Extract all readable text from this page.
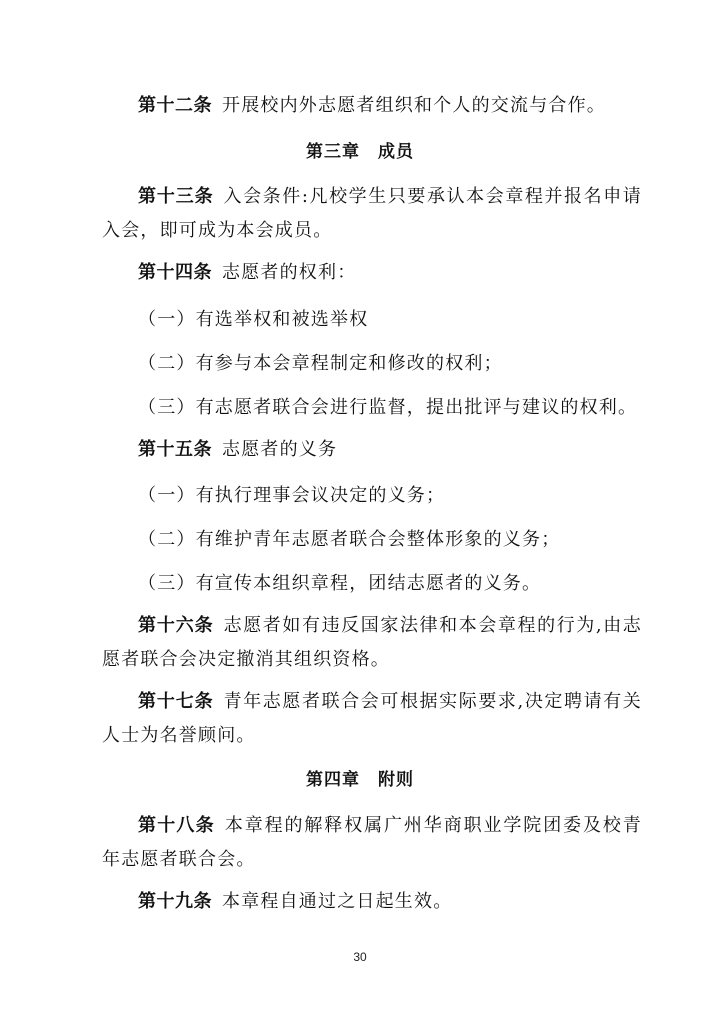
第十二条 开展校内外志愿者组织和个人的交流与合作。
第三章　成员
第十三条 入会条件:凡校学生只要承认本会章程并报名申请
入会，即可成为本会成员。
第十四条 志愿者的权利：
（一）有选举权和被选举权
（二）有参与本会章程制定和修改的权利；
（三）有志愿者联合会进行监督，提出批评与建议的权利。
第十五条 志愿者的义务
（一）有执行理事会议决定的义务；
（二）有维护青年志愿者联合会整体形象的义务；
（三）有宣传本组织章程，团结志愿者的义务。
第十六条 志愿者如有违反国家法律和本会章程的行为,由志
愿者联合会决定撤消其组织资格。
第十七条 青年志愿者联合会可根据实际要求,决定聘请有关
人士为名誉顾问。
第四章　附则
第十八条 本章程的解释权属广州华商职业学院团委及校青
年志愿者联合会。
第十九条 本章程自通过之日起生效。
30
